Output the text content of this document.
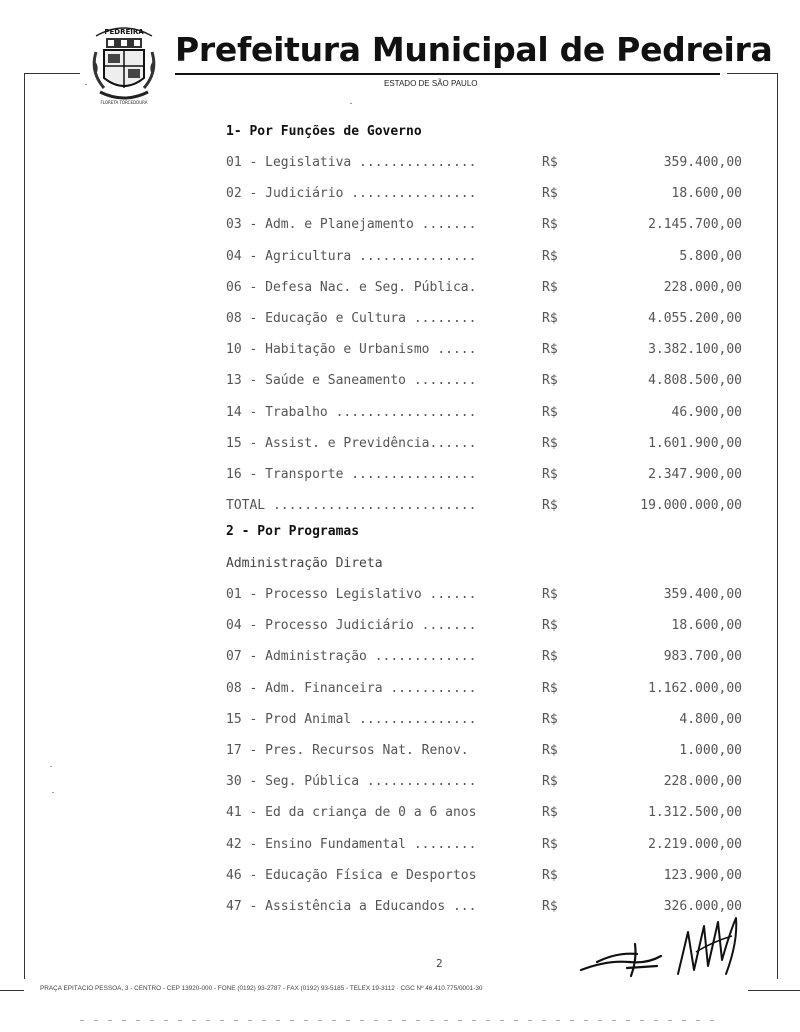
PEDREIRA
FLORETA TORCEDOURA
Prefeitura Municipal de Pedreira
ESTADO DE SÃO PAULO
1- Por Funções de Governo
01 - Legislativa ...............	R$	359.400,00
02 - Judiciário ................	R$	18.600,00
03 - Adm. e Planejamento .......	R$	2.145.700,00
04 - Agricultura ...............	R$	5.800,00
06 - Defesa Nac. e Seg. Pública.	R$	228.000,00
08 - Educação e Cultura ........	R$	4.055.200,00
10 - Habitação e Urbanismo .....	R$	3.382.100,00
13 - Saúde e Saneamento ........	R$	4.808.500,00
14 - Trabalho ..................	R$	46.900,00
15 - Assist. e Previdência......	R$	1.601.900,00
16 - Transporte ................	R$	2.347.900,00
TOTAL ..........................	R$	19.000.000,00
2 - Por Programas
Administração Direta
01 - Processo Legislativo ......	R$	359.400,00
04 - Processo Judiciário .......	R$	18.600,00
07 - Administração .............	R$	983.700,00
08 - Adm. Financeira ...........	R$	1.162.000,00
15 - Prod Animal ...............	R$	4.800,00
17 - Pres. Recursos Nat. Renov.	R$	1.000,00
30 - Seg. Pública ..............	R$	228.000,00
41 - Ed da criança de 0 a 6 anos	R$	1.312.500,00
42 - Ensino Fundamental ........	R$	2.219.000,00
46 - Educação Física e Desportos	R$	123.900,00
47 - Assistência a Educandos ...	R$	326.000,00
2
PRAÇA EPITÁCIO PESSOA, 3 - CENTRO - CEP 13920-000 - FONE (0192) 93-2787 - FAX (0192) 93-5185 - TELEX 19-3112 · CGC Nº 46.410.775/0001-30
